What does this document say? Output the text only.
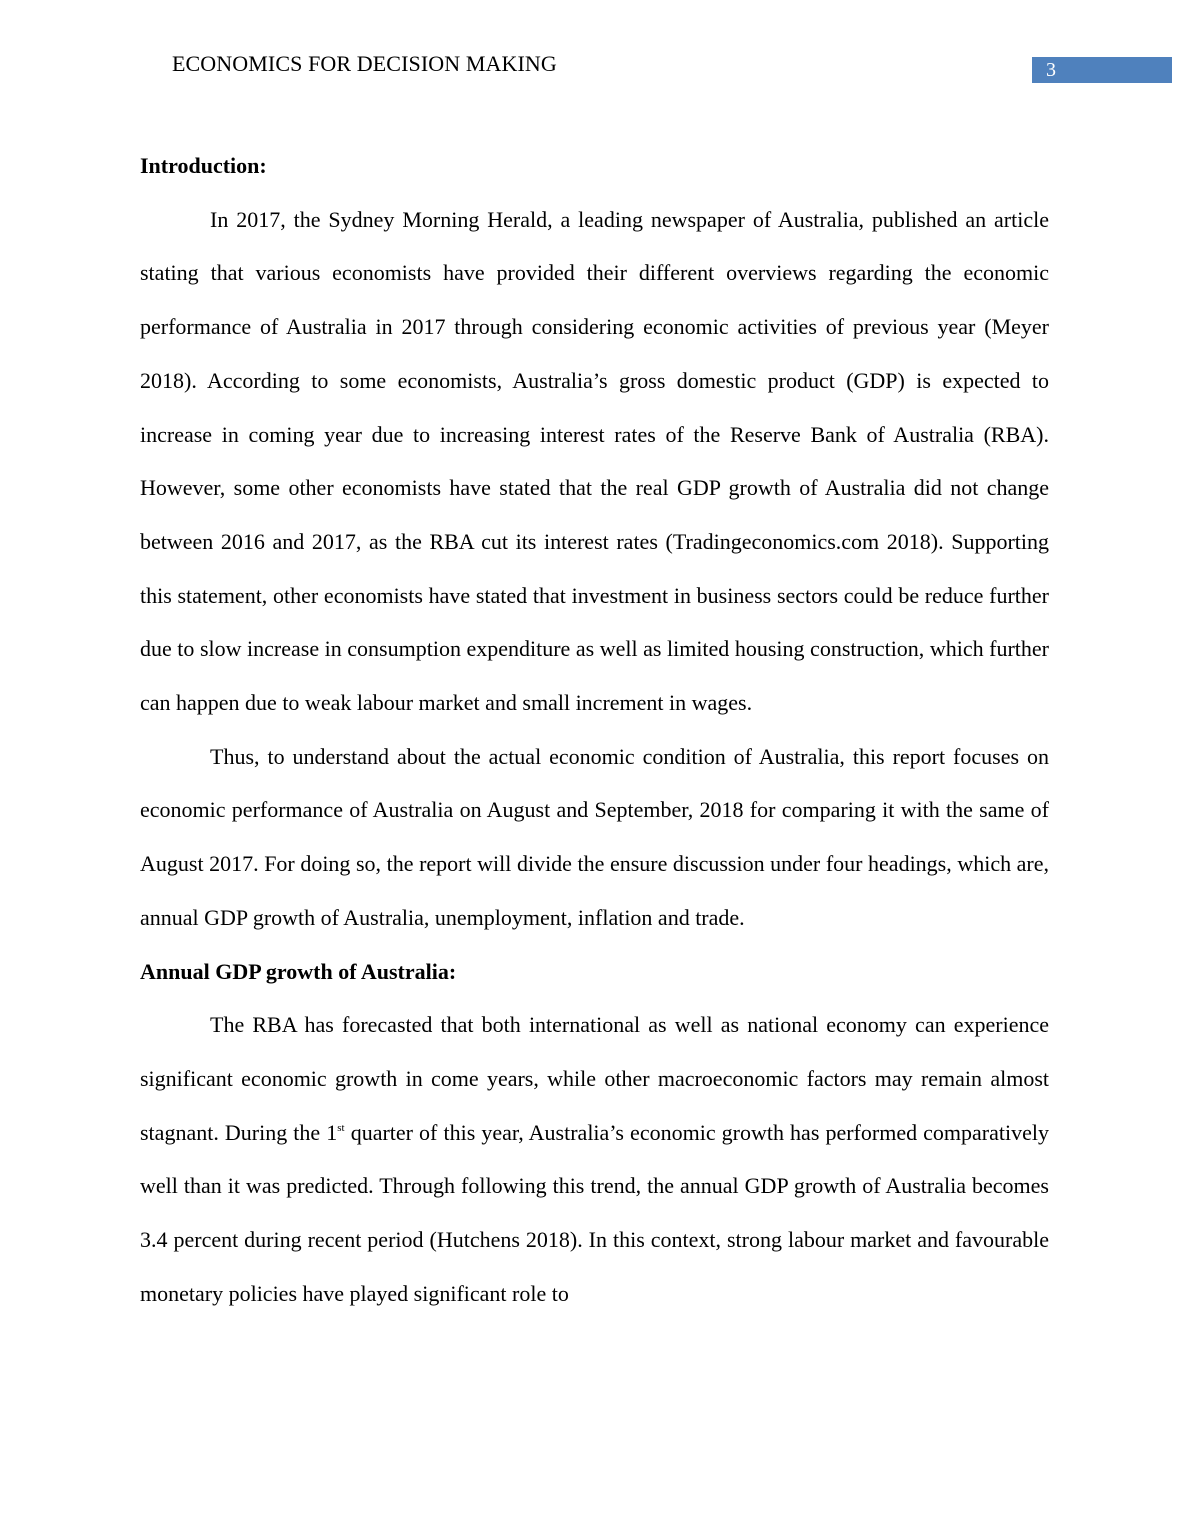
ECONOMICS FOR DECISION MAKING	3

Introduction:

In 2017, the Sydney Morning Herald, a leading newspaper of Australia, published an article stating that various economists have provided their different overviews regarding the economic performance of Australia in 2017 through considering economic activities of previous year (Meyer 2018). According to some economists, Australia’s gross domestic product (GDP) is expected to increase in coming year due to increasing interest rates of the Reserve Bank of Australia (RBA). However, some other economists have stated that the real GDP growth of Australia did not change between 2016 and 2017, as the RBA cut its interest rates (Tradingeconomics.com 2018). Supporting this statement, other economists have stated that investment in business sectors could be reduce further due to slow increase in consumption expenditure as well as limited housing construction, which further can happen due to weak labour market and small increment in wages.

Thus, to understand about the actual economic condition of Australia, this report focuses on economic performance of Australia on August and September, 2018 for comparing it with the same of August 2017. For doing so, the report will divide the ensure discussion under four headings, which are, annual GDP growth of Australia, unemployment, inflation and trade.

Annual GDP growth of Australia:

The RBA has forecasted that both international as well as national economy can experience significant economic growth in come years, while other macroeconomic factors may remain almost stagnant. During the 1st quarter of this year, Australia’s economic growth has performed comparatively well than it was predicted. Through following this trend, the annual GDP growth of Australia becomes 3.4 percent during recent period (Hutchens 2018). In this context, strong labour market and favourable monetary policies have played significant role to
